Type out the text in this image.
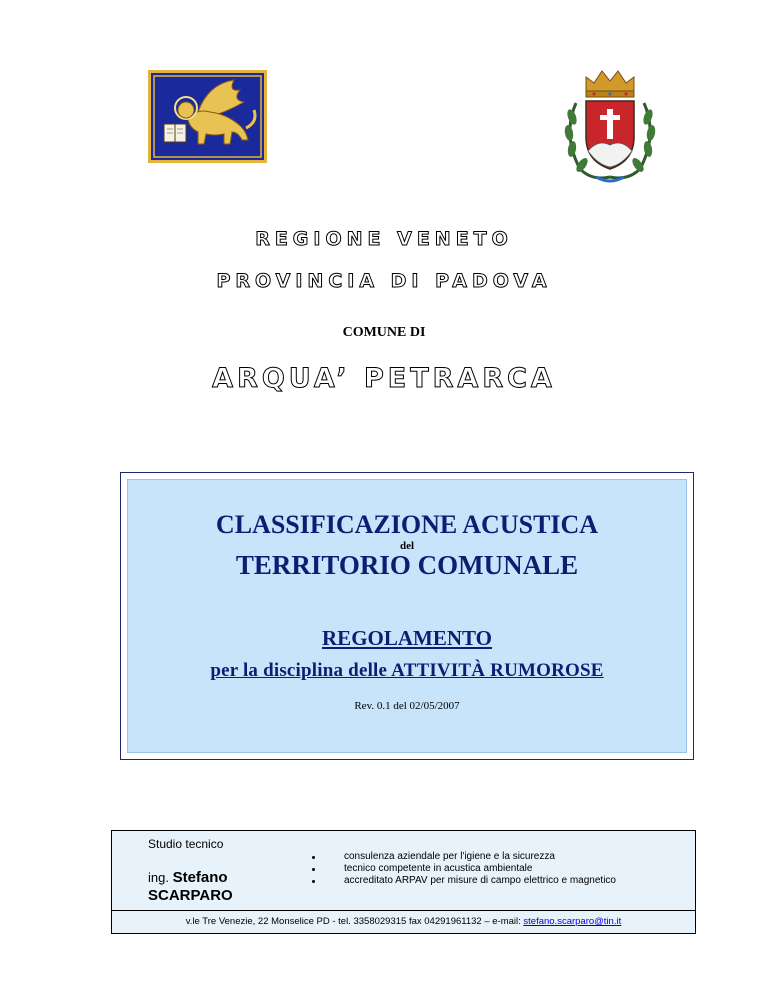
REGIONE VENETO
PROVINCIA DI PADOVA
COMUNE DI
ARQUA’ PETRARCA
CLASSIFICAZIONE ACUSTICA
del
TERRITORIO COMUNALE
REGOLAMENTO
per la disciplina delle ATTIVITÀ RUMOROSE
Rev. 0.1 del 02/05/2007
Studio tecnico
ing. Stefano
SCARPARO
consulenza aziendale per l'igiene e la sicurezza
tecnico competente in acustica ambientale
accreditato ARPAV per misure di campo elettrico e magnetico
v.le Tre Venezie, 22 Monselice PD - tel. 3358029315 fax 04291961132 – e-mail: stefano.scarparo@tin.it
